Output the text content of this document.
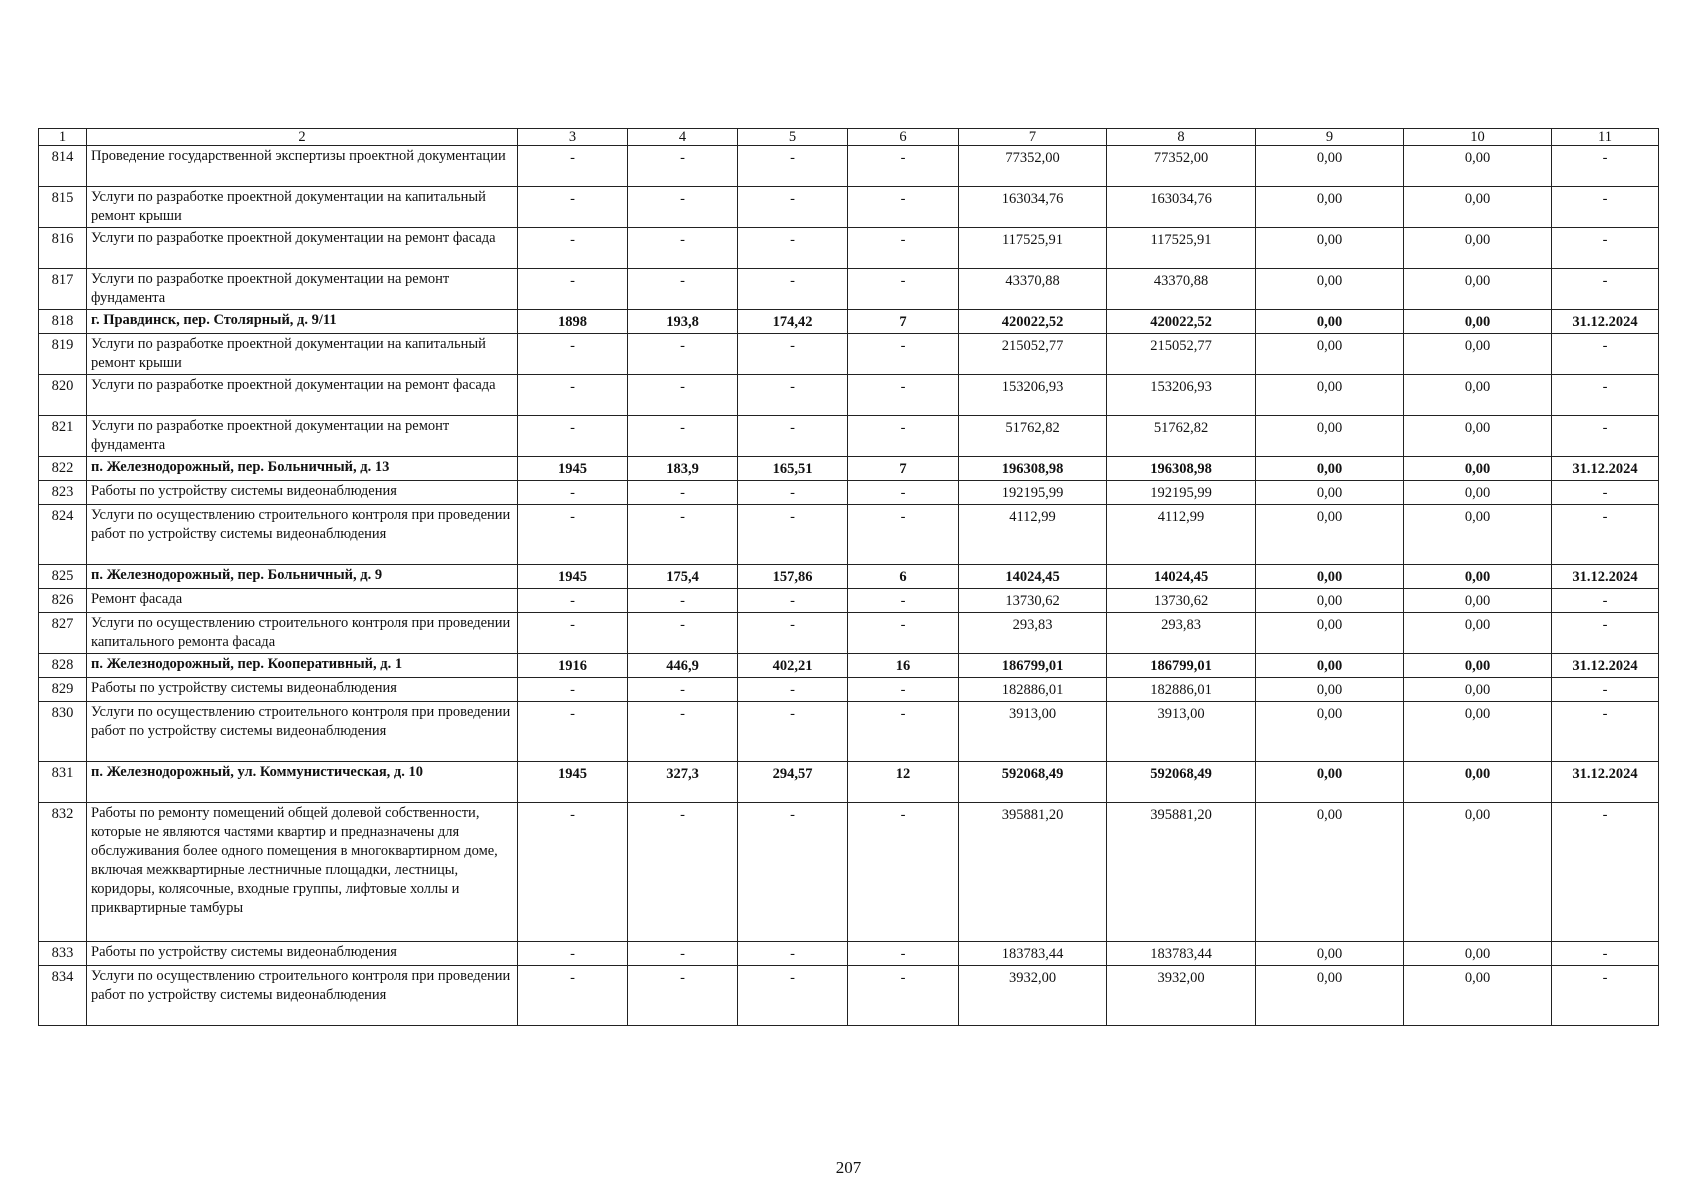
1	2	3	4	5	6	7	8	9	10	11
814	Проведение государственной экспертизы проектной документации	-	-	-	-	77352,00	77352,00	0,00	0,00	-
815	Услуги по разработке проектной документации на капитальный ремонт крыши	-	-	-	-	163034,76	163034,76	0,00	0,00	-
816	Услуги по разработке проектной документации на ремонт фасада	-	-	-	-	117525,91	117525,91	0,00	0,00	-
817	Услуги по разработке проектной документации на ремонт фундамента	-	-	-	-	43370,88	43370,88	0,00	0,00	-
818	г. Правдинск, пер. Столярный, д. 9/11	1898	193,8	174,42	7	420022,52	420022,52	0,00	0,00	31.12.2024
819	Услуги по разработке проектной документации на капитальный ремонт крыши	-	-	-	-	215052,77	215052,77	0,00	0,00	-
820	Услуги по разработке проектной документации на ремонт фасада	-	-	-	-	153206,93	153206,93	0,00	0,00	-
821	Услуги по разработке проектной документации на ремонт фундамента	-	-	-	-	51762,82	51762,82	0,00	0,00	-
822	п. Железнодорожный, пер. Больничный, д. 13	1945	183,9	165,51	7	196308,98	196308,98	0,00	0,00	31.12.2024
823	Работы по устройству системы видеонаблюдения	-	-	-	-	192195,99	192195,99	0,00	0,00	-
824	Услуги по осуществлению строительного контроля при проведении работ по устройству системы видеонаблюдения	-	-	-	-	4112,99	4112,99	0,00	0,00	-
825	п. Железнодорожный, пер. Больничный, д. 9	1945	175,4	157,86	6	14024,45	14024,45	0,00	0,00	31.12.2024
826	Ремонт фасада	-	-	-	-	13730,62	13730,62	0,00	0,00	-
827	Услуги по осуществлению строительного контроля при проведении капитального ремонта фасада	-	-	-	-	293,83	293,83	0,00	0,00	-
828	п. Железнодорожный, пер. Кооперативный, д. 1	1916	446,9	402,21	16	186799,01	186799,01	0,00	0,00	31.12.2024
829	Работы по устройству системы видеонаблюдения	-	-	-	-	182886,01	182886,01	0,00	0,00	-
830	Услуги по осуществлению строительного контроля при проведении работ по устройству системы видеонаблюдения	-	-	-	-	3913,00	3913,00	0,00	0,00	-
831	п. Железнодорожный, ул. Коммунистическая, д. 10	1945	327,3	294,57	12	592068,49	592068,49	0,00	0,00	31.12.2024
832	Работы по ремонту помещений общей долевой собственности, которые не являются частями квартир и предназначены для обслуживания более одного помещения в многоквартирном доме, включая межквартирные лестничные площадки, лестницы, коридоры, колясочные, входные группы, лифтовые холлы и приквартирные тамбуры	-	-	-	-	395881,20	395881,20	0,00	0,00	-
833	Работы по устройству системы видеонаблюдения	-	-	-	-	183783,44	183783,44	0,00	0,00	-
834	Услуги по осуществлению строительного контроля при проведении работ по устройству системы видеонаблюдения	-	-	-	-	3932,00	3932,00	0,00	0,00	-
207
